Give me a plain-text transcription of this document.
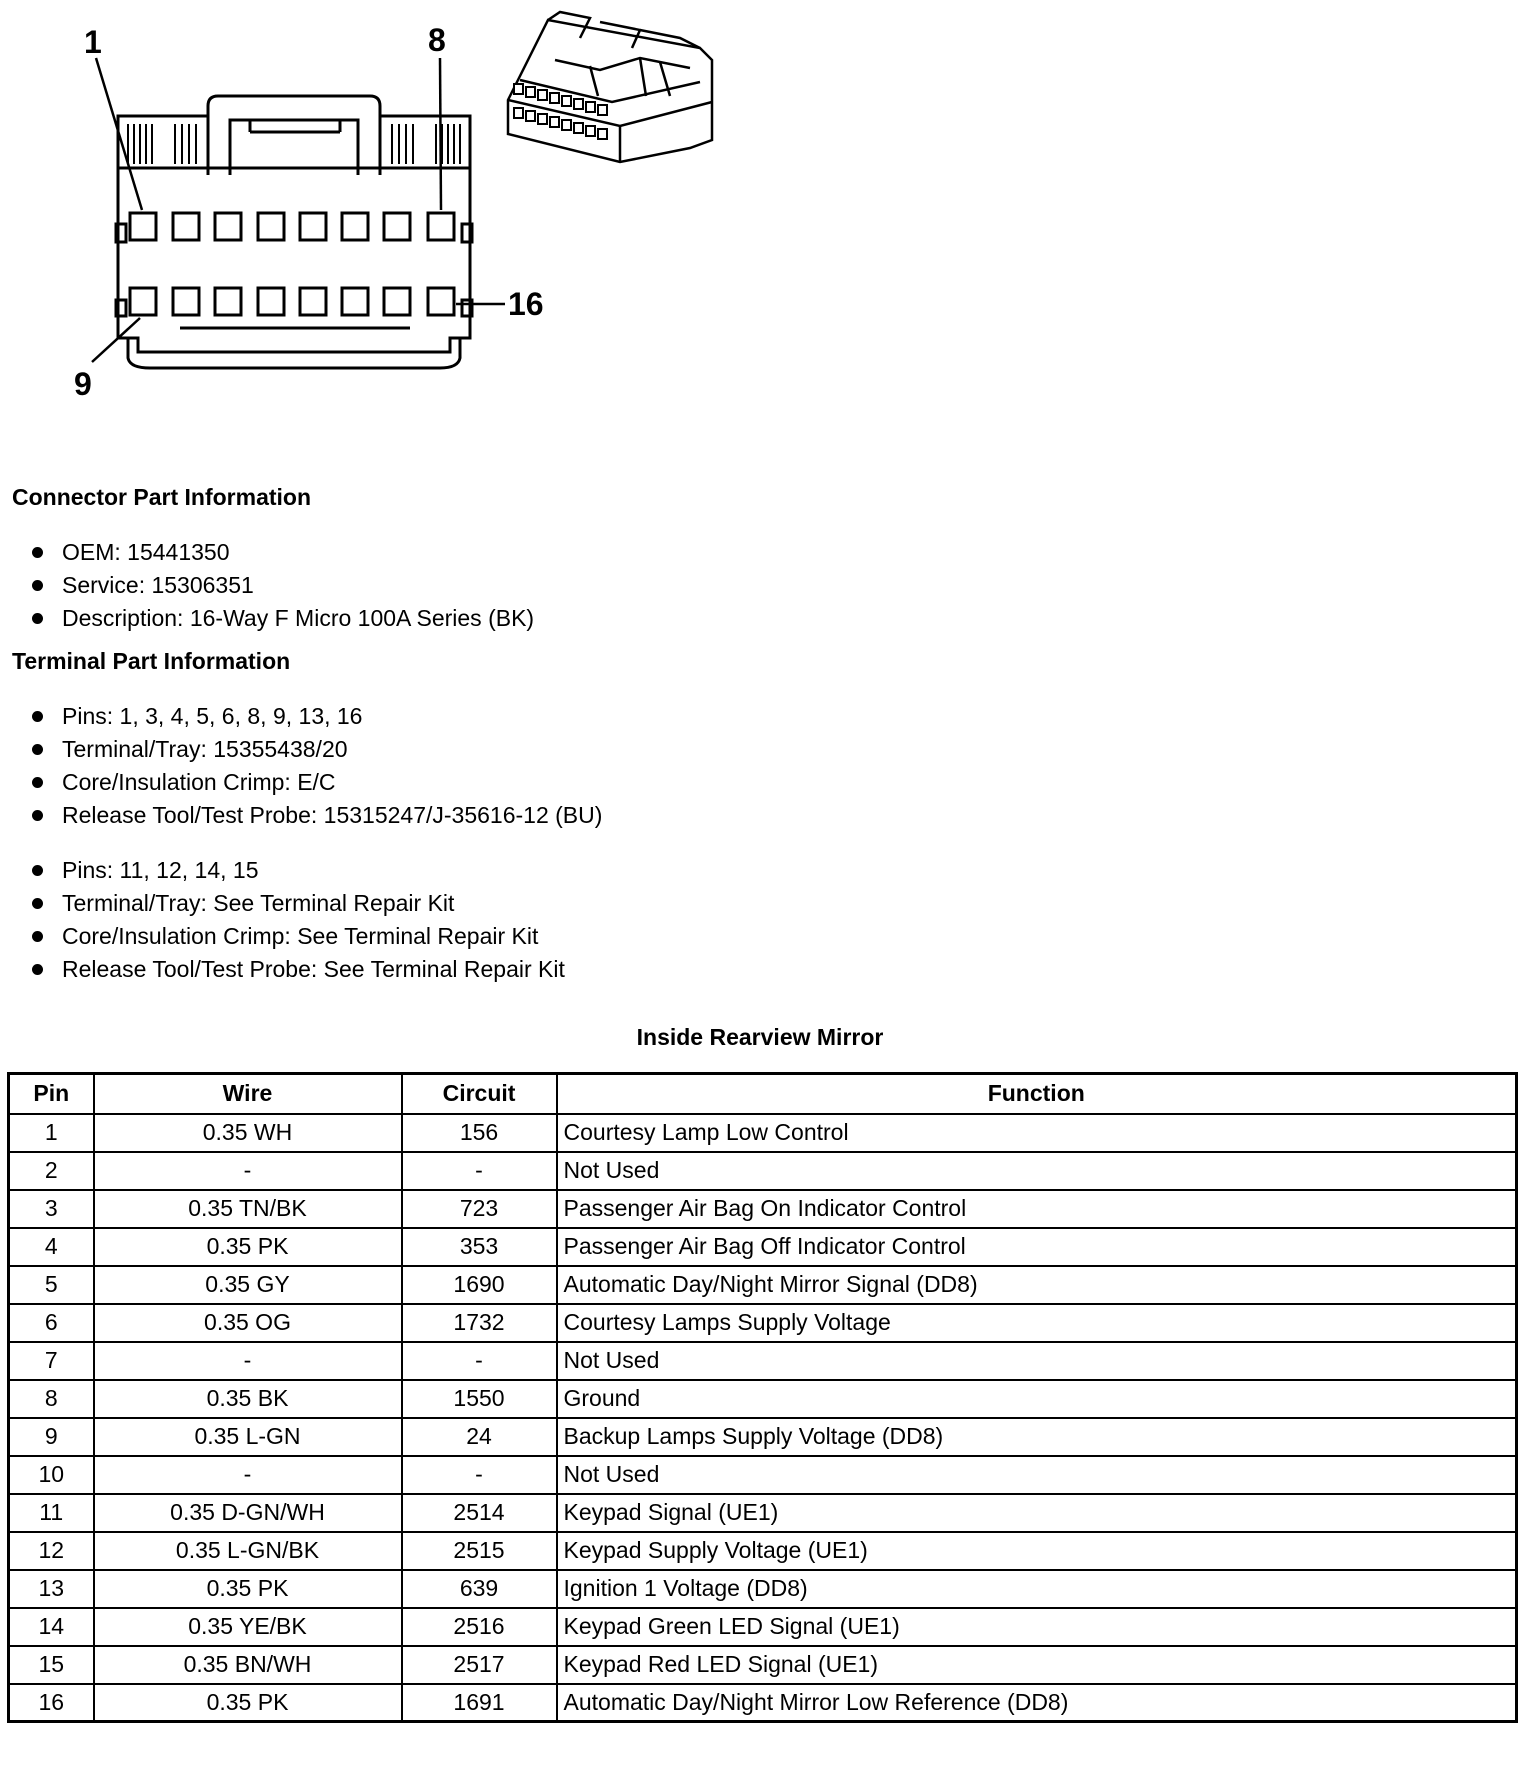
1	8
9
16
Connector Part Information
OEM: 15441350
Service: 15306351
Description: 16-Way F Micro 100A Series (BK)
Terminal Part Information
Pins: 1, 3, 4, 5, 6, 8, 9, 13, 16
Terminal/Tray: 15355438/20
Core/Insulation Crimp: E/C
Release Tool/Test Probe: 15315247/J-35616-12 (BU)
Pins: 11, 12, 14, 15
Terminal/Tray: See Terminal Repair Kit
Core/Insulation Crimp: See Terminal Repair Kit
Release Tool/Test Probe: See Terminal Repair Kit
Inside Rearview Mirror
Pin	Wire	Circuit	Function
1	0.35 WH	156	Courtesy Lamp Low Control
2	-	-	Not Used
3	0.35 TN/BK	723	Passenger Air Bag On Indicator Control
4	0.35 PK	353	Passenger Air Bag Off Indicator Control
5	0.35 GY	1690	Automatic Day/Night Mirror Signal (DD8)
6	0.35 OG	1732	Courtesy Lamps Supply Voltage
7	-	-	Not Used
8	0.35 BK	1550	Ground
9	0.35 L-GN	24	Backup Lamps Supply Voltage (DD8)
10	-	-	Not Used
11	0.35 D-GN/WH	2514	Keypad Signal (UE1)
12	0.35 L-GN/BK	2515	Keypad Supply Voltage (UE1)
13	0.35 PK	639	Ignition 1 Voltage (DD8)
14	0.35 YE/BK	2516	Keypad Green LED Signal (UE1)
15	0.35 BN/WH	2517	Keypad Red LED Signal (UE1)
16	0.35 PK	1691	Automatic Day/Night Mirror Low Reference (DD8)
